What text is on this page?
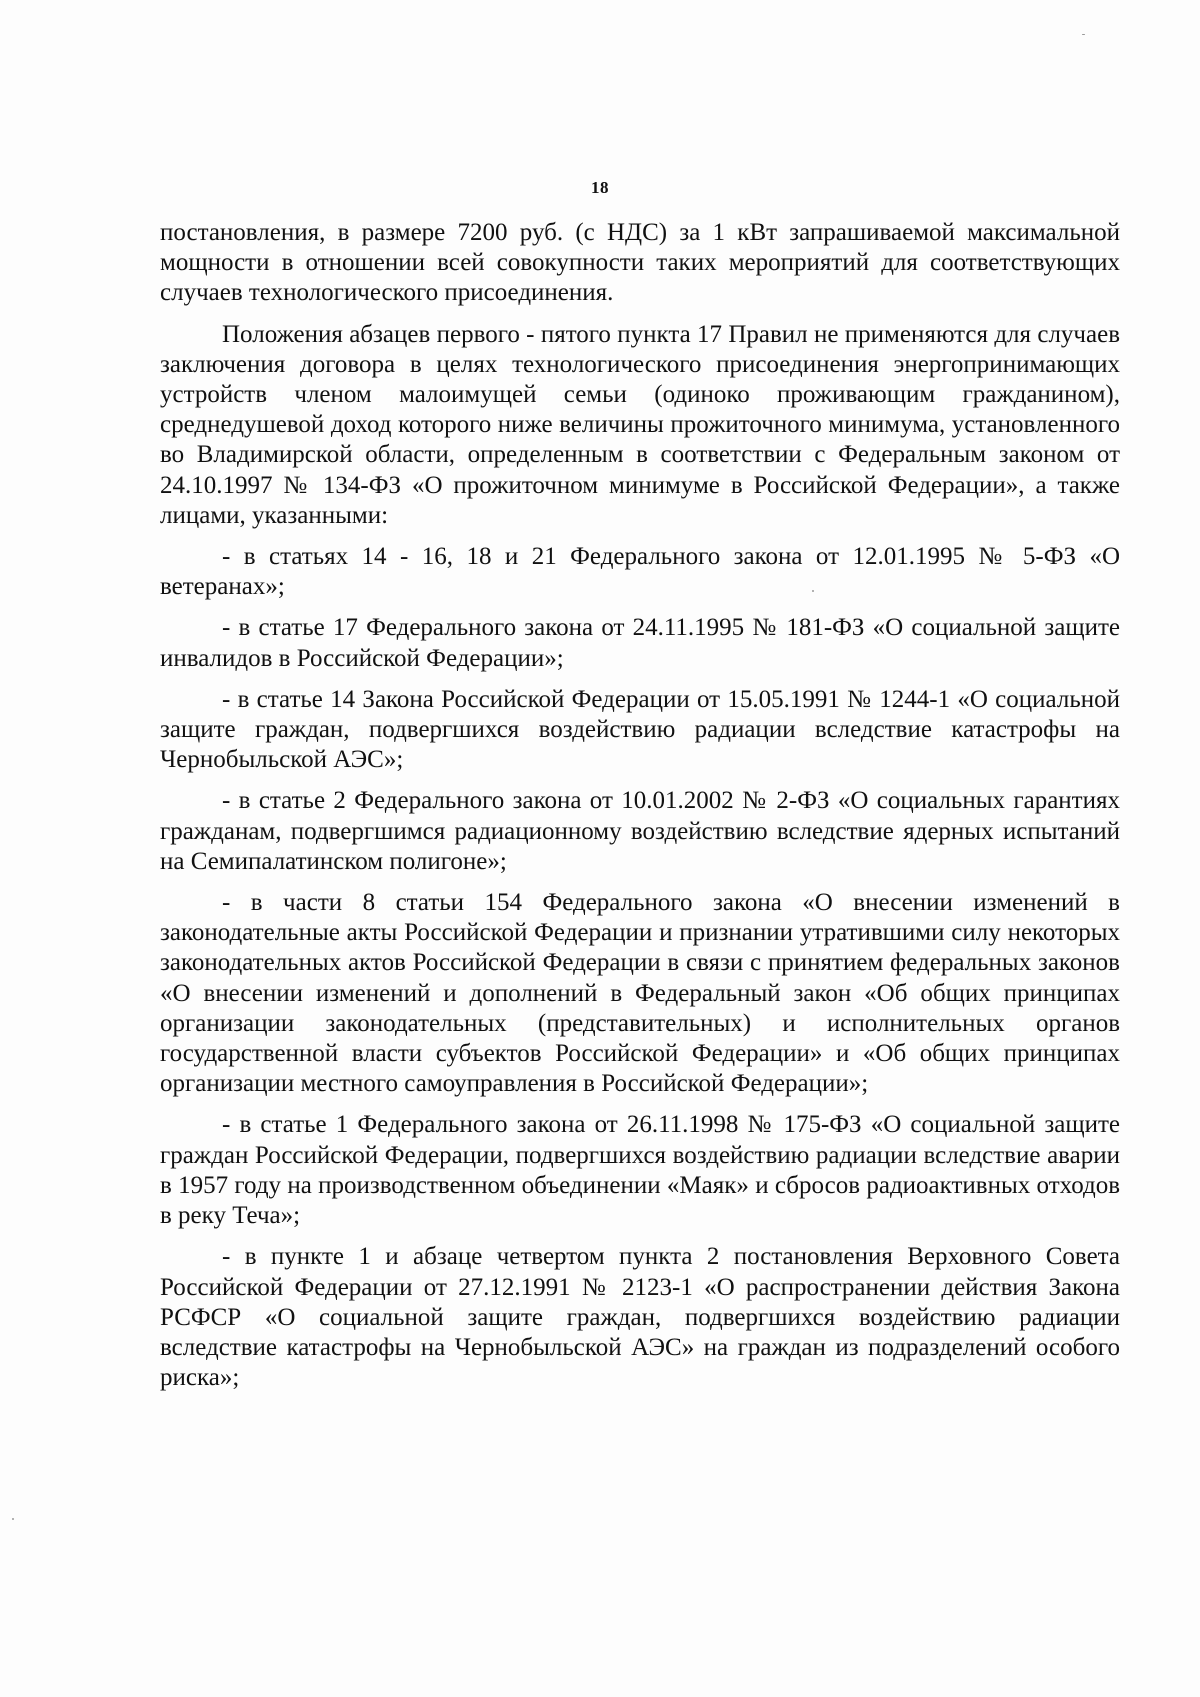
18

постановления, в размере 7200 руб. (с НДС) за 1 кВт запрашиваемой максимальной мощности в отношении всей совокупности таких мероприятий для соответствующих случаев технологического присоединения.

Положения абзацев первого - пятого пункта 17 Правил не применяются для случаев заключения договора в целях технологического присоединения энергопринимающих устройств членом малоимущей семьи (одиноко проживающим гражданином), среднедушевой доход которого ниже величины прожиточного минимума, установленного во Владимирской области, определенным в соответствии с Федеральным законом от 24.10.1997 № 134-ФЗ «О прожиточном минимуме в Российской Федерации», а также лицами, указанными:

- в статьях 14 - 16, 18 и 21 Федерального закона от 12.01.1995 № 5-ФЗ «О ветеранах»;

- в статье 17 Федерального закона от 24.11.1995 № 181-ФЗ «О социальной защите инвалидов в Российской Федерации»;

- в статье 14 Закона Российской Федерации от 15.05.1991 № 1244-1 «О социальной защите граждан, подвергшихся воздействию радиации вследствие катастрофы на Чернобыльской АЭС»;

- в статье 2 Федерального закона от 10.01.2002 № 2-ФЗ «О социальных гарантиях гражданам, подвергшимся радиационному воздействию вследствие ядерных испытаний на Семипалатинском полигоне»;

- в части 8 статьи 154 Федерального закона «О внесении изменений в законодательные акты Российской Федерации и признании утратившими силу некоторых законодательных актов Российской Федерации в связи с принятием федеральных законов «О внесении изменений и дополнений в Федеральный закон «Об общих принципах организации законодательных (представительных) и исполнительных органов государственной власти субъектов Российской Федерации» и «Об общих принципах организации местного самоуправления в Российской Федерации»;

- в статье 1 Федерального закона от 26.11.1998 № 175-ФЗ «О социальной защите граждан Российской Федерации, подвергшихся воздействию радиации вследствие аварии в 1957 году на производственном объединении «Маяк» и сбросов радиоактивных отходов в реку Теча»;

- в пункте 1 и абзаце четвертом пункта 2 постановления Верховного Совета Российской Федерации от 27.12.1991 № 2123-1 «О распространении действия Закона РСФСР «О социальной защите граждан, подвергшихся воздействию радиации вследствие катастрофы на Чернобыльской АЭС» на граждан из подразделений особого риска»;
